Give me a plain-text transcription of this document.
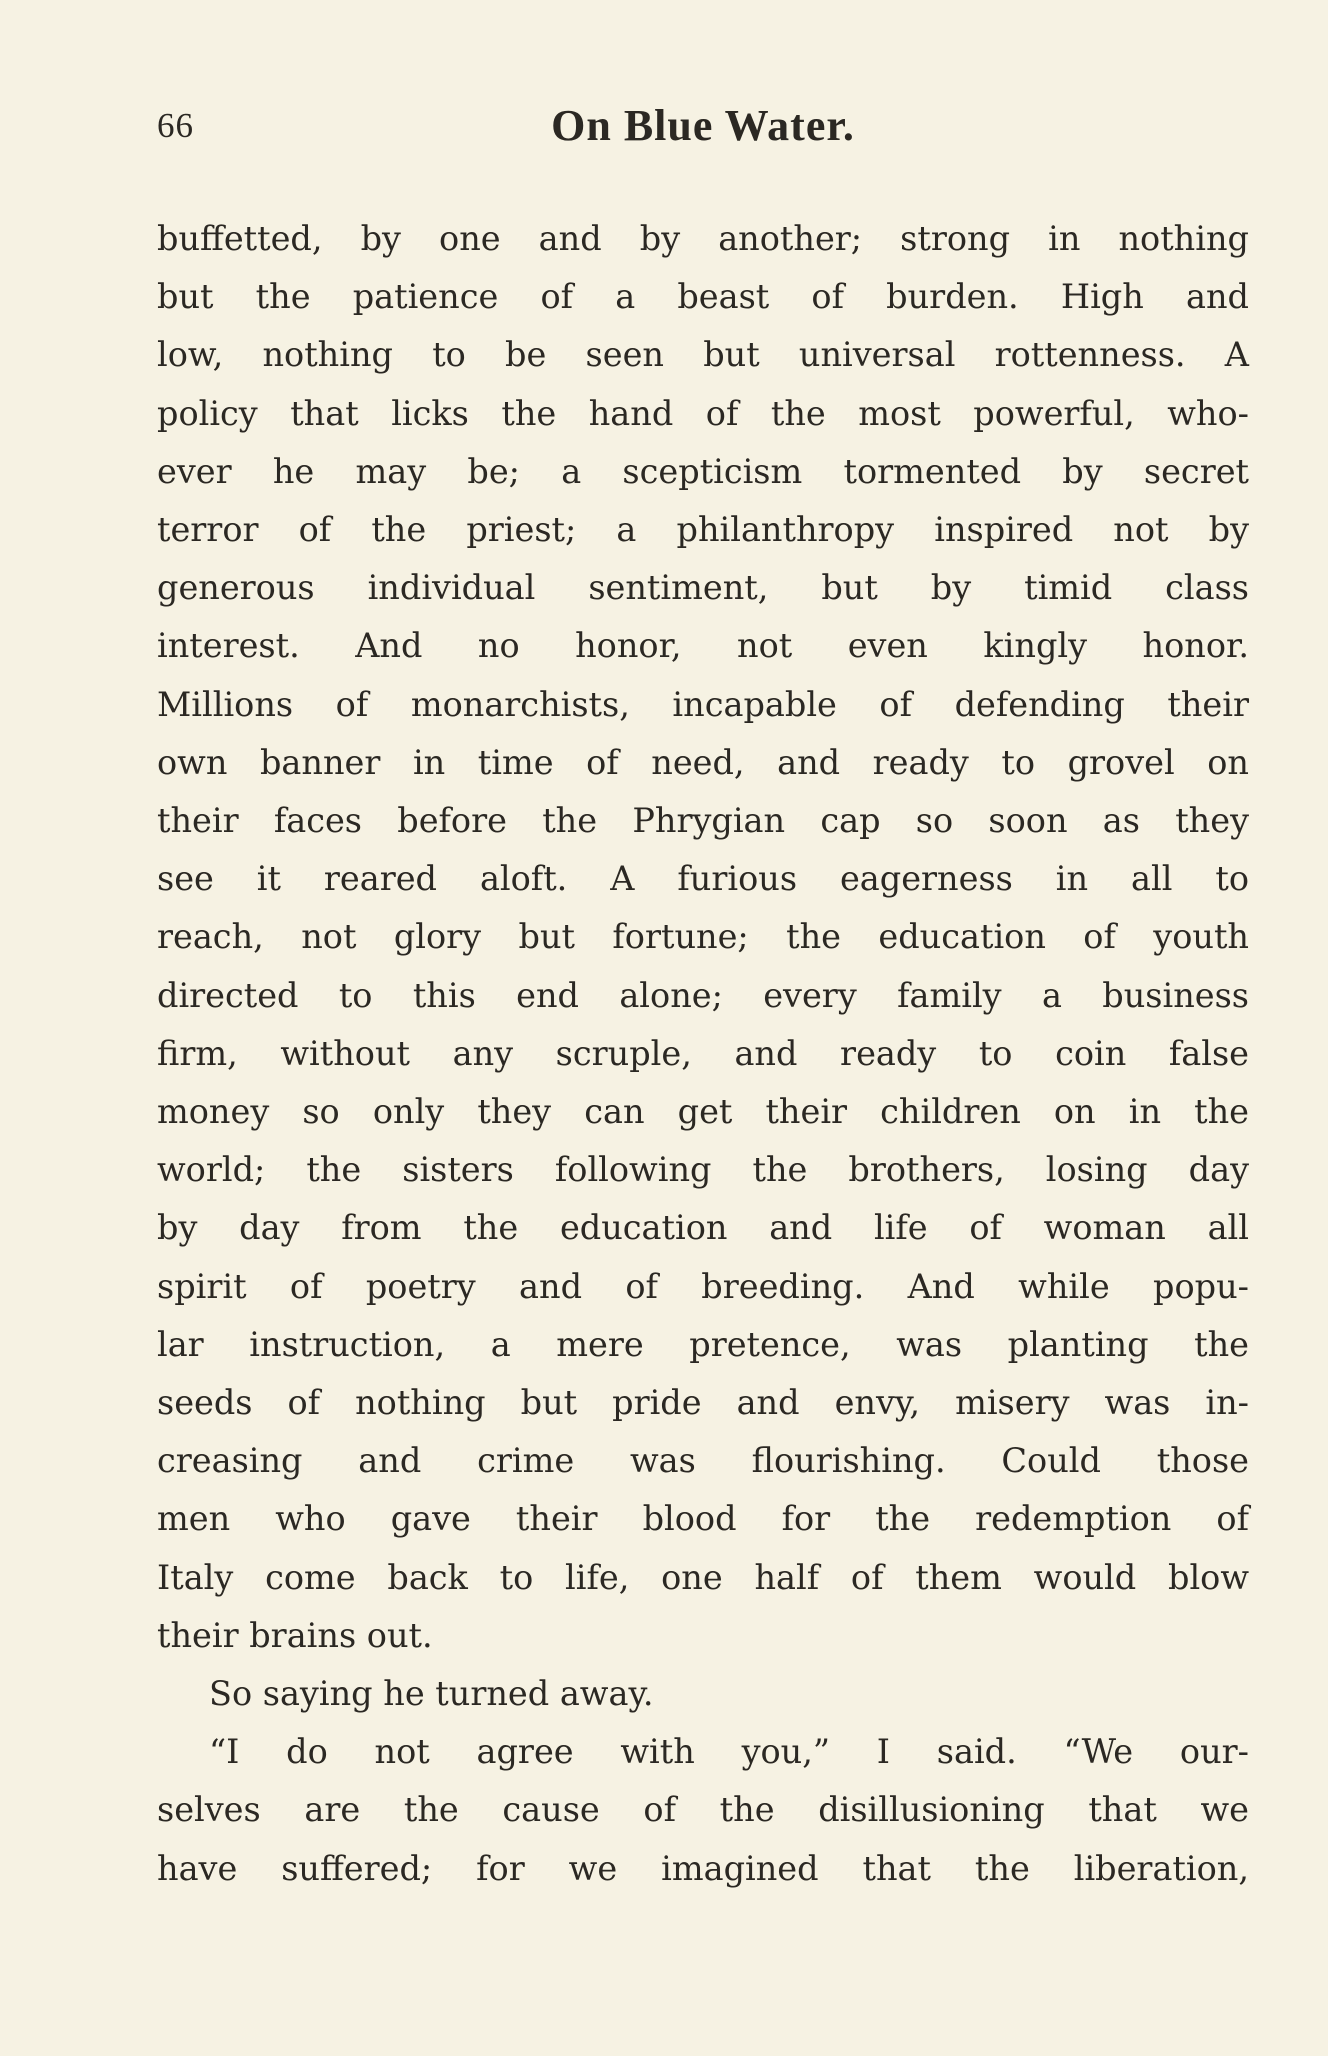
66	On Blue Water.
buffetted, by one and by another; strong in nothing
but the patience of a beast of burden. High and
low, nothing to be seen but universal rottenness. A
policy that licks the hand of the most powerful, who-
ever he may be; a scepticism tormented by secret
terror of the priest; a philanthropy inspired not by
generous individual sentiment, but by timid class
interest. And no honor, not even kingly honor.
Millions of monarchists, incapable of defending their
own banner in time of need, and ready to grovel on
their faces before the Phrygian cap so soon as they
see it reared aloft. A furious eagerness in all to
reach, not glory but fortune; the education of youth
directed to this end alone; every family a business
firm, without any scruple, and ready to coin false
money so only they can get their children on in the
world; the sisters following the brothers, losing day
by day from the education and life of woman all
spirit of poetry and of breeding. And while popu-
lar instruction, a mere pretence, was planting the
seeds of nothing but pride and envy, misery was in-
creasing and crime was flourishing. Could those
men who gave their blood for the redemption of
Italy come back to life, one half of them would blow
their brains out.
So saying he turned away.
“I do not agree with you,” I said. “We our-
selves are the cause of the disillusioning that we
have suffered; for we imagined that the liberation,
